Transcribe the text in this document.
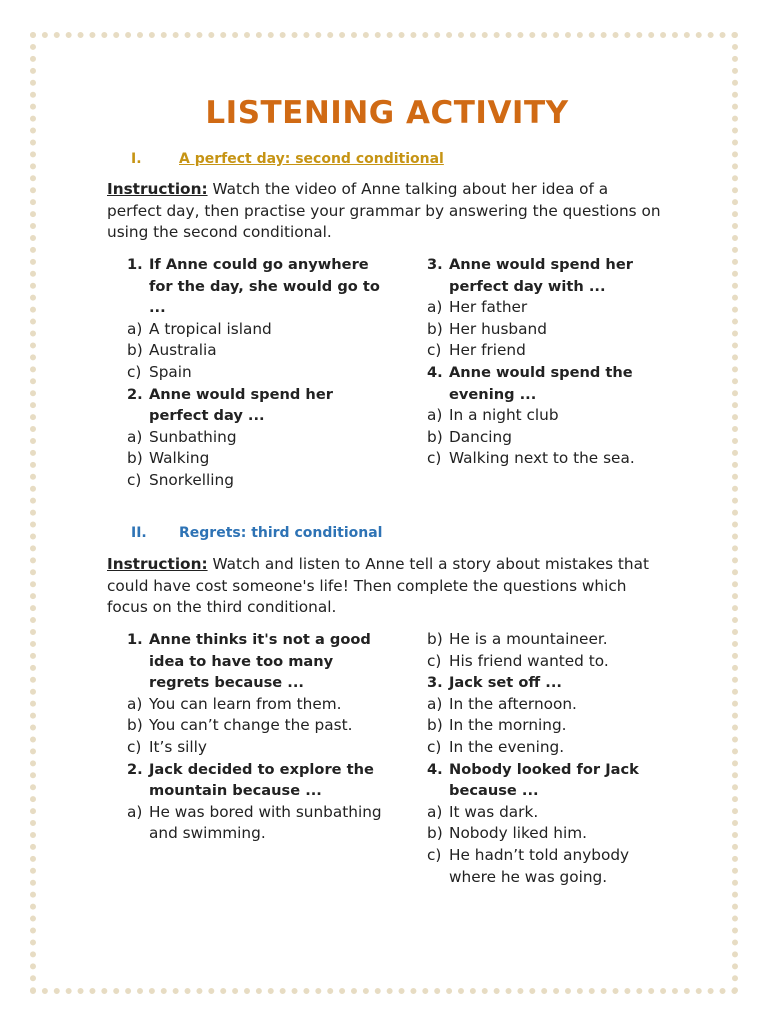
LISTENING ACTIVITY
I.	A perfect day: second conditional
Instruction: Watch the video of Anne talking about her idea of a perfect day, then practise your grammar by answering the questions on using the second conditional.
1. If Anne could go anywhere for the day, she would go to ...
a) A tropical island
b) Australia
c) Spain
2. Anne would spend her perfect day ...
a) Sunbathing
b) Walking
c) Snorkelling
3. Anne would spend her perfect day with ...
a) Her father
b) Her husband
c) Her friend
4. Anne would spend the evening ...
a) In a night club
b) Dancing
c) Walking next to the sea.
II. Regrets: third conditional
Instruction: Watch and listen to Anne tell a story about mistakes that could have cost someone's life! Then complete the questions which focus on the third conditional.
1. Anne thinks it's not a good idea to have too many regrets because ...
a) You can learn from them.
b) You can’t change the past.
c) It’s silly
2. Jack decided to explore the mountain because ...
a) He was bored with sunbathing and swimming.
b) He is a mountaineer.
c) His friend wanted to.
3. Jack set off ...
a) In the afternoon.
b) In the morning.
c) In the evening.
4. Nobody looked for Jack because ...
a) It was dark.
b) Nobody liked him.
c) He hadn’t told anybody where he was going.
